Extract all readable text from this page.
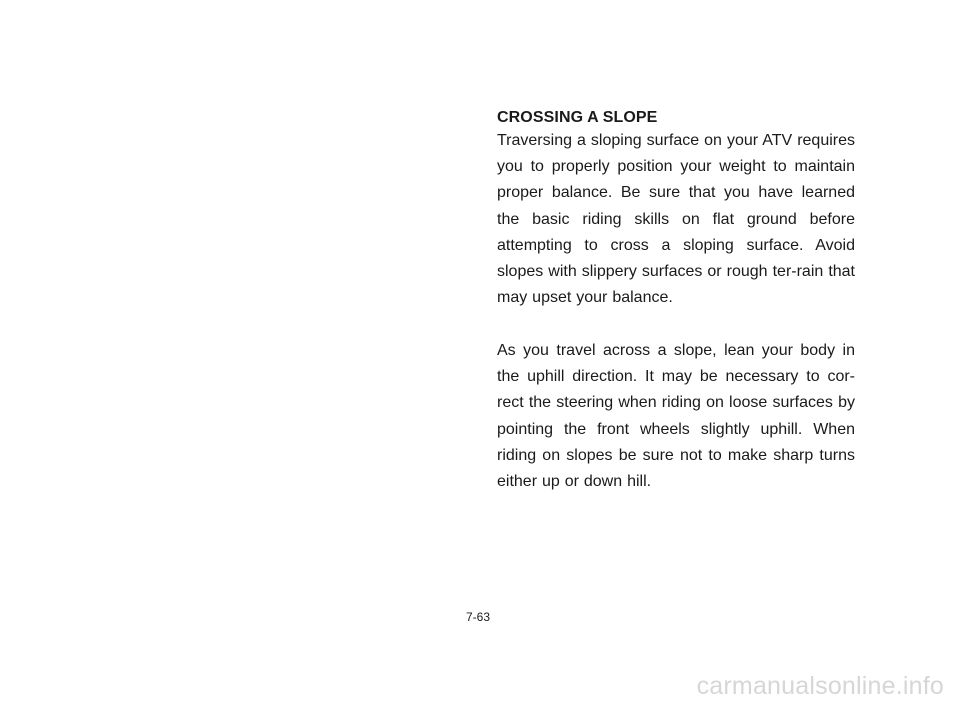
CROSSING A SLOPE

Traversing a sloping surface on your ATV requires you to properly position your weight to maintain proper balance. Be sure that you have learned the basic riding skills on flat ground before attempting to cross a sloping surface. Avoid slopes with slippery surfaces or rough ter-rain that may upset your balance.

As you travel across a slope, lean your body in the uphill direction. It may be necessary to cor-rect the steering when riding on loose surfaces by pointing the front wheels slightly uphill. When riding on slopes be sure not to make sharp turns either up or down hill.

7-63
carmanualsonline.info
